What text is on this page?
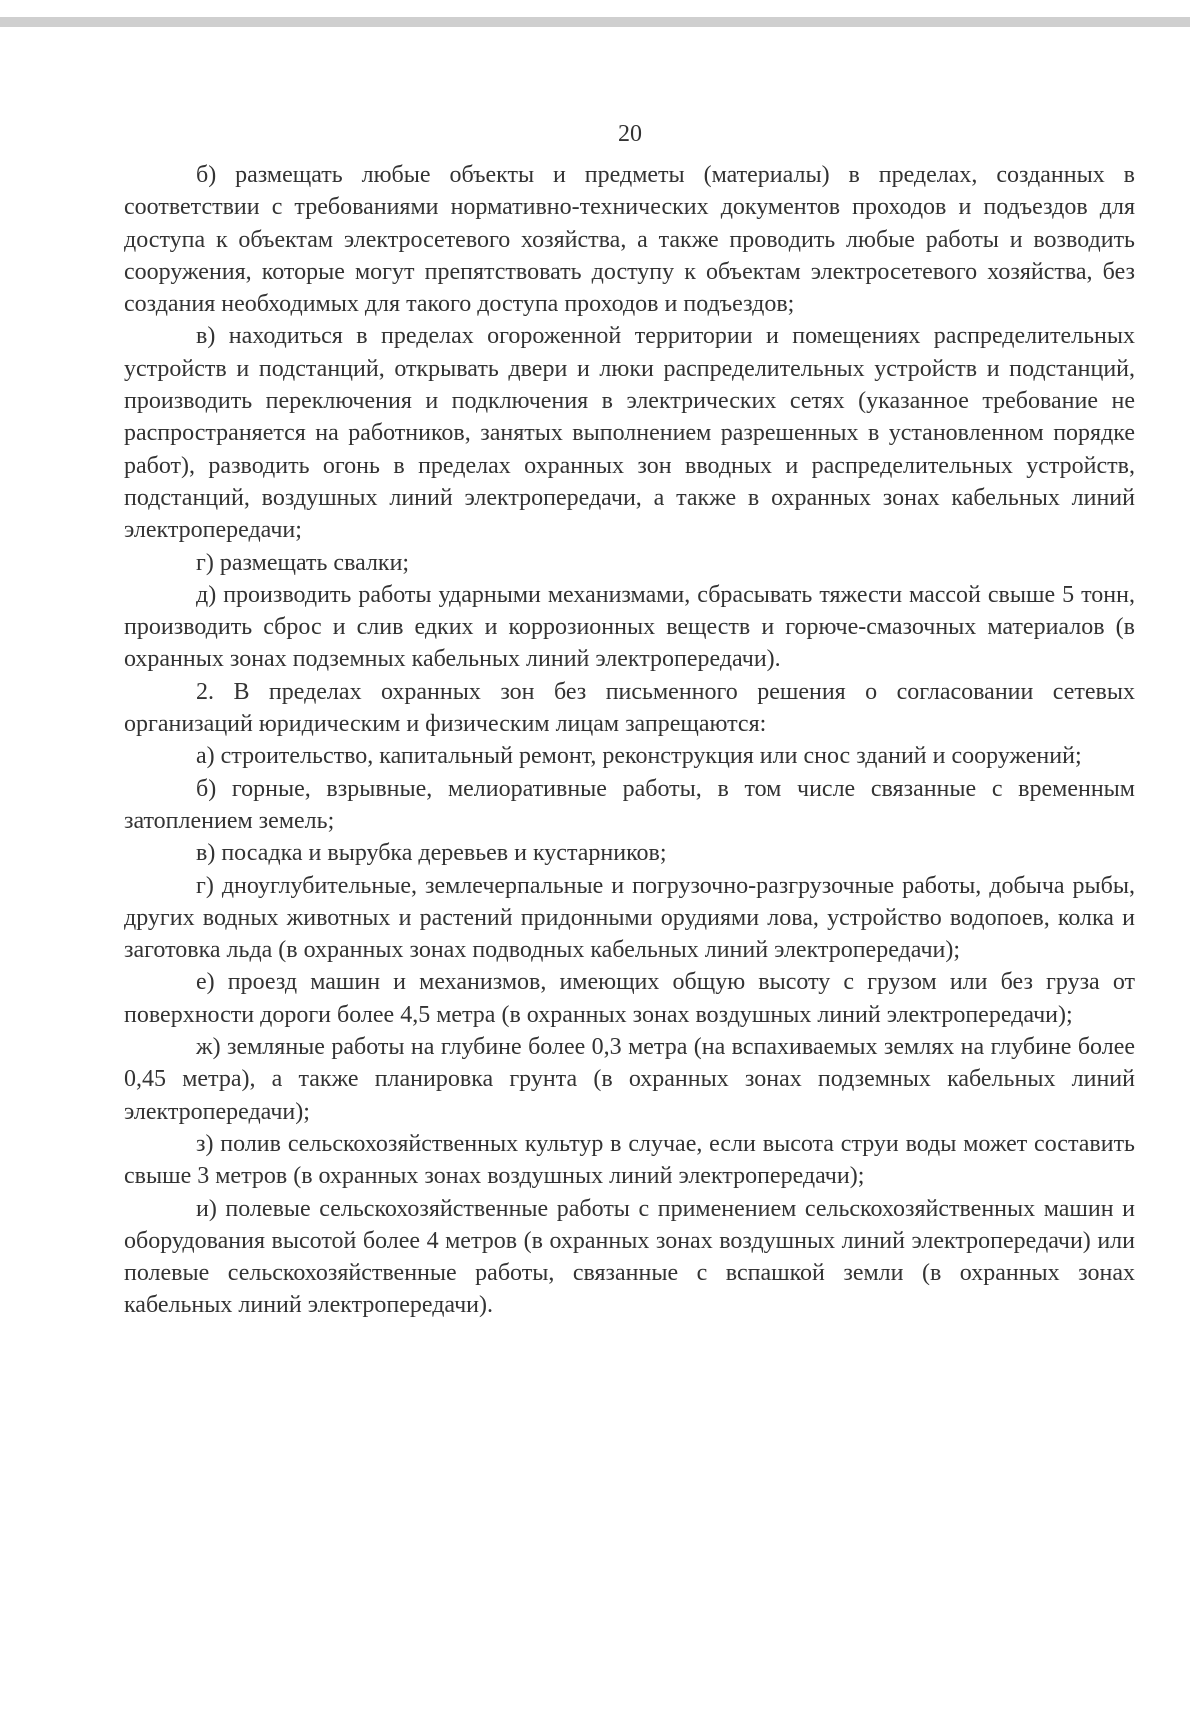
20

б) размещать любые объекты и предметы (материалы) в пределах, созданных в соответствии с требованиями нормативно-технических документов проходов и подъездов для доступа к объектам электросетевого хозяйства, а также проводить любые работы и возводить сооружения, которые могут препятствовать доступу к объектам электросетевого хозяйства, без создания необходимых для такого доступа проходов и подъездов;

в) находиться в пределах огороженной территории и помещениях распределительных устройств и подстанций, открывать двери и люки распределительных устройств и подстанций, производить переключения и подключения в электрических сетях (указанное требование не распространяется на работников, занятых выполнением разрешенных в установленном порядке работ), разводить огонь в пределах охранных зон вводных и распределительных устройств, подстанций, воздушных линий электропередачи, а также в охранных зонах кабельных линий электропередачи;

г) размещать свалки;

д) производить работы ударными механизмами, сбрасывать тяжести массой свыше 5 тонн, производить сброс и слив едких и коррозионных веществ и горюче-смазочных материалов (в охранных зонах подземных кабельных линий электропередачи).

2. В пределах охранных зон без письменного решения о согласовании сетевых организаций юридическим и физическим лицам запрещаются:

а) строительство, капитальный ремонт, реконструкция или снос зданий и сооружений;

б) горные, взрывные, мелиоративные работы, в том числе связанные с временным затоплением земель;

в) посадка и вырубка деревьев и кустарников;

г) дноуглубительные, землечерпальные и погрузочно-разгрузочные работы, добыча рыбы, других водных животных и растений придонными орудиями лова, устройство водопоев, колка и заготовка льда (в охранных зонах подводных кабельных линий электропередачи);

е) проезд машин и механизмов, имеющих общую высоту с грузом или без груза от поверхности дороги более 4,5 метра (в охранных зонах воздушных линий электропередачи);

ж) земляные работы на глубине более 0,3 метра (на вспахиваемых землях на глубине более 0,45 метра), а также планировка грунта (в охранных зонах подземных кабельных линий электропередачи);

з) полив сельскохозяйственных культур в случае, если высота струи воды может составить свыше 3 метров (в охранных зонах воздушных линий электропередачи);

и) полевые сельскохозяйственные работы с применением сельскохозяйственных машин и оборудования высотой более 4 метров (в охранных зонах воздушных линий электропередачи) или полевые сельскохозяйственные работы, связанные с вспашкой земли (в охранных зонах кабельных линий электропередачи).
